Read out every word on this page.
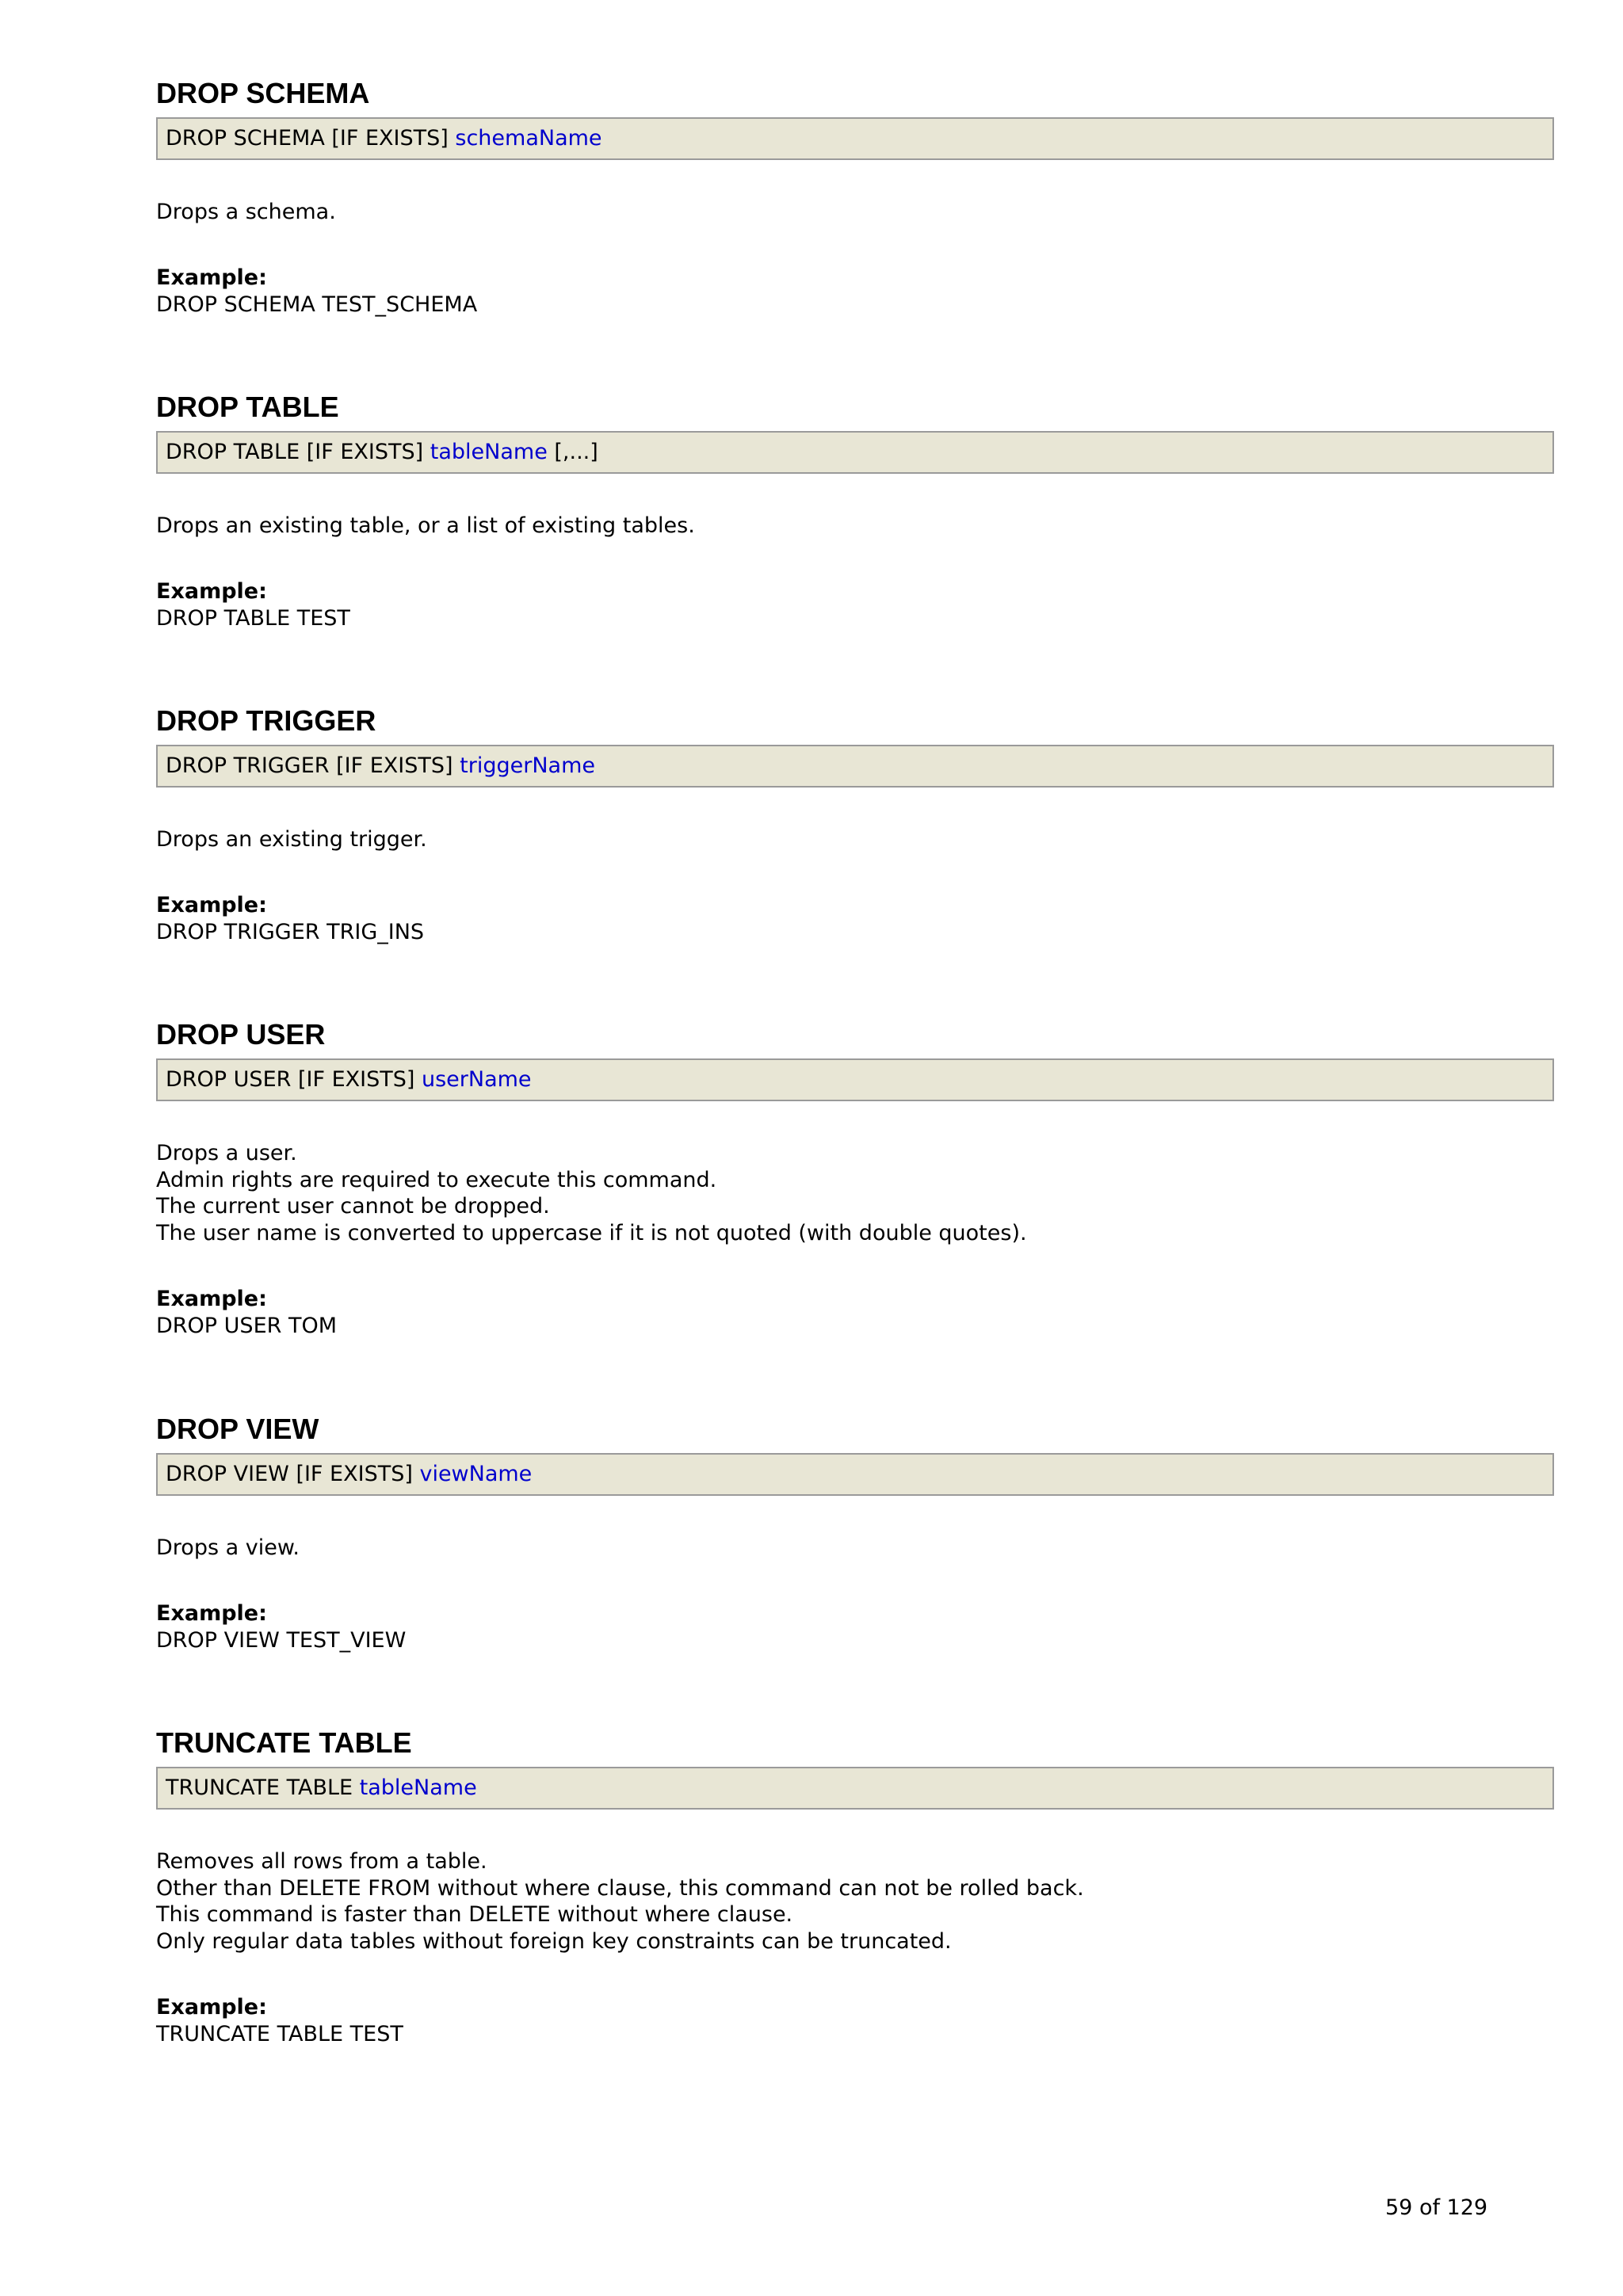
DROP SCHEMA
DROP SCHEMA [IF EXISTS] schemaName
Drops a schema.
Example:
DROP SCHEMA TEST_SCHEMA
DROP TABLE
DROP TABLE [IF EXISTS] tableName [,...]
Drops an existing table, or a list of existing tables.
Example:
DROP TABLE TEST
DROP TRIGGER
DROP TRIGGER [IF EXISTS] triggerName
Drops an existing trigger.
Example:
DROP TRIGGER TRIG_INS
DROP USER
DROP USER [IF EXISTS] userName
Drops a user.
Admin rights are required to execute this command.
The current user cannot be dropped.
The user name is converted to uppercase if it is not quoted (with double quotes).
Example:
DROP USER TOM
DROP VIEW
DROP VIEW [IF EXISTS] viewName
Drops a view.
Example:
DROP VIEW TEST_VIEW
TRUNCATE TABLE
TRUNCATE TABLE tableName
Removes all rows from a table.
Other than DELETE FROM without where clause, this command can not be rolled back.
This command is faster than DELETE without where clause.
Only regular data tables without foreign key constraints can be truncated.
Example:
TRUNCATE TABLE TEST
59 of 129
